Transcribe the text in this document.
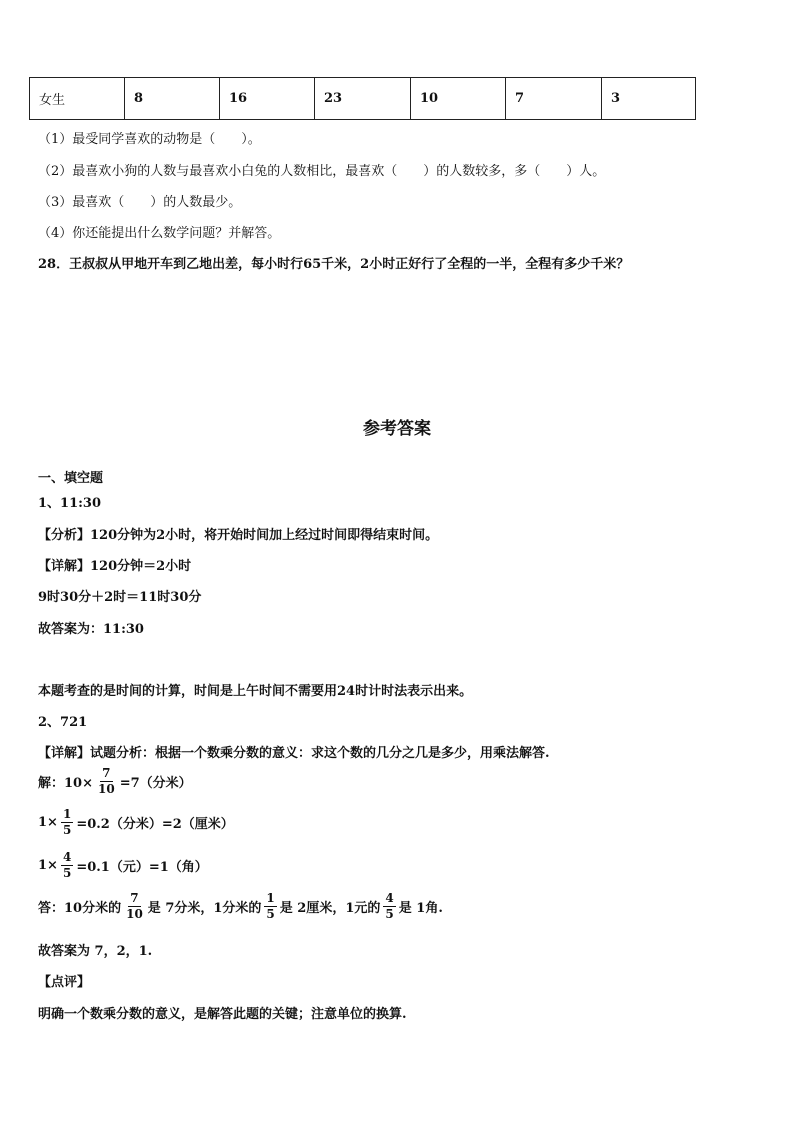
女生	8	16	23	10	7	3
（1）最受同学喜欢的动物是（　　）。
（2）最喜欢小狗的人数与最喜欢小白兔的人数相比，最喜欢（　　）的人数较多，多（　　）人。
（3）最喜欢（　　）的人数最少。
（4）你还能提出什么数学问题？并解答。
28．王叔叔从甲地开车到乙地出差，每小时行65千米，2小时正好行了全程的一半，全程有多少千米？
参考答案
一、填空题
1、11:30
【分析】120分钟为2小时，将开始时间加上经过时间即得结束时间。
【详解】120分钟＝2小时
9时30分＋2时＝11时30分
故答案为：11:30
本题考查的是时间的计算，时间是上午时间不需要用24时计时法表示出来。
2、721
【详解】试题分析：根据一个数乘分数的意义：求这个数的几分之几是多少，用乘法解答.
解：$10\times \frac{7}{10} =7$（分米）
$1\times \frac{1}{5} =0.2$（分米）=2（厘米）
$1\times \frac{4}{5} =0.1$（元）=1（角）
答：10分米的 $\frac{7}{10}$ 是 7分米，1分米的 $\frac{1}{5}$ 是 2厘米，1元的 $\frac{4}{5}$ 是 1角.
故答案为 7，2，1.
【点评】
明确一个数乘分数的意义，是解答此题的关键；注意单位的换算.
